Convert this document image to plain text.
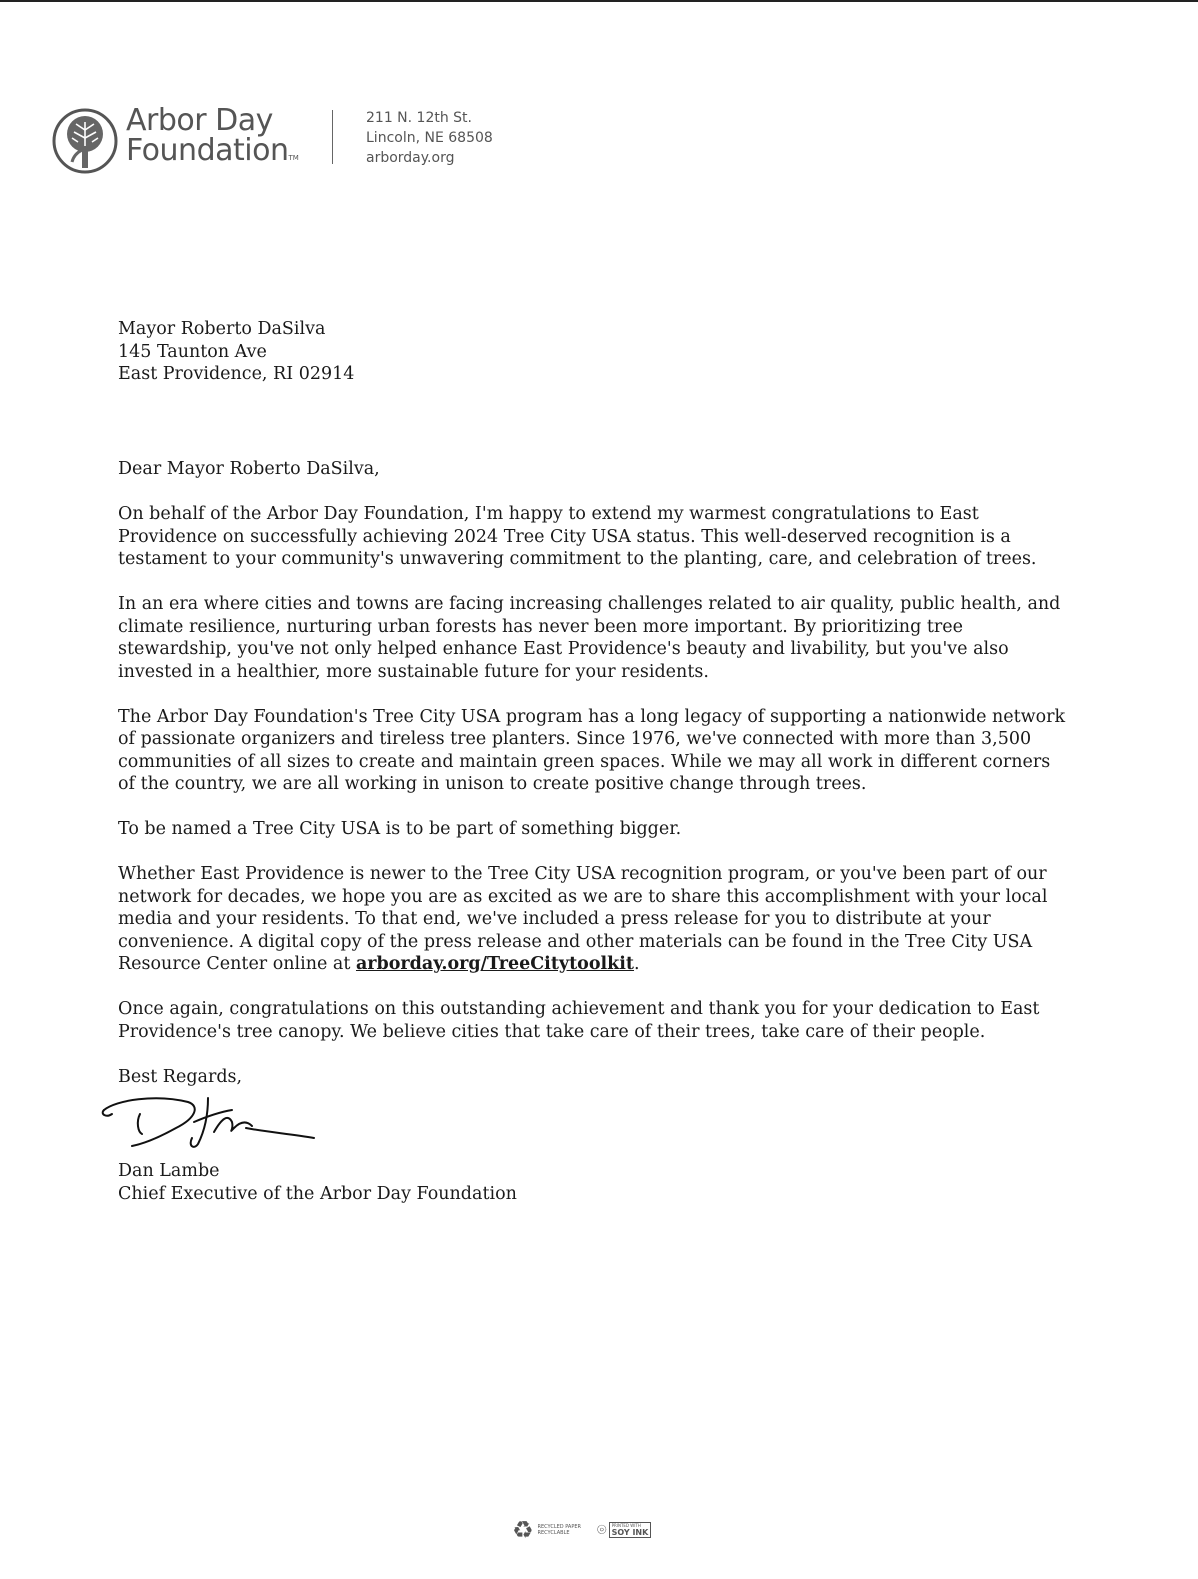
Arbor Day
FoundationTM
211 N. 12th St.
Lincoln, NE 68508
arborday.org
Mayor Roberto DaSilva
145 Taunton Ave
East Providence, RI 02914
Dear Mayor Roberto DaSilva,

On behalf of the Arbor Day Foundation, I'm happy to extend my warmest congratulations to East
Providence on successfully achieving 2024 Tree City USA status. This well-deserved recognition is a
testament to your community's unwavering commitment to the planting, care, and celebration of trees.

In an era where cities and towns are facing increasing challenges related to air quality, public health, and
climate resilience, nurturing urban forests has never been more important. By prioritizing tree
stewardship, you've not only helped enhance East Providence's beauty and livability, but you've also
invested in a healthier, more sustainable future for your residents.

The Arbor Day Foundation's Tree City USA program has a long legacy of supporting a nationwide network
of passionate organizers and tireless tree planters. Since 1976, we've connected with more than 3,500
communities of all sizes to create and maintain green spaces. While we may all work in different corners
of the country, we are all working in unison to create positive change through trees.

To be named a Tree City USA is to be part of something bigger.

Whether East Providence is newer to the Tree City USA recognition program, or you've been part of our
network for decades, we hope you are as excited as we are to share this accomplishment with your local
media and your residents. To that end, we've included a press release for you to distribute at your
convenience. A digital copy of the press release and other materials can be found in the Tree City USA
Resource Center online at arborday.org/TreeCitytoolkit.

Once again, congratulations on this outstanding achievement and thank you for your dedication to East
Providence's tree canopy. We believe cities that take care of their trees, take care of their people.

Best Regards,
Dan Lambe
Chief Executive of the Arbor Day Foundation
♻ RECYCLED PAPER
RECYCLABLE	⌾ PRINTED WITH
SOY INK
